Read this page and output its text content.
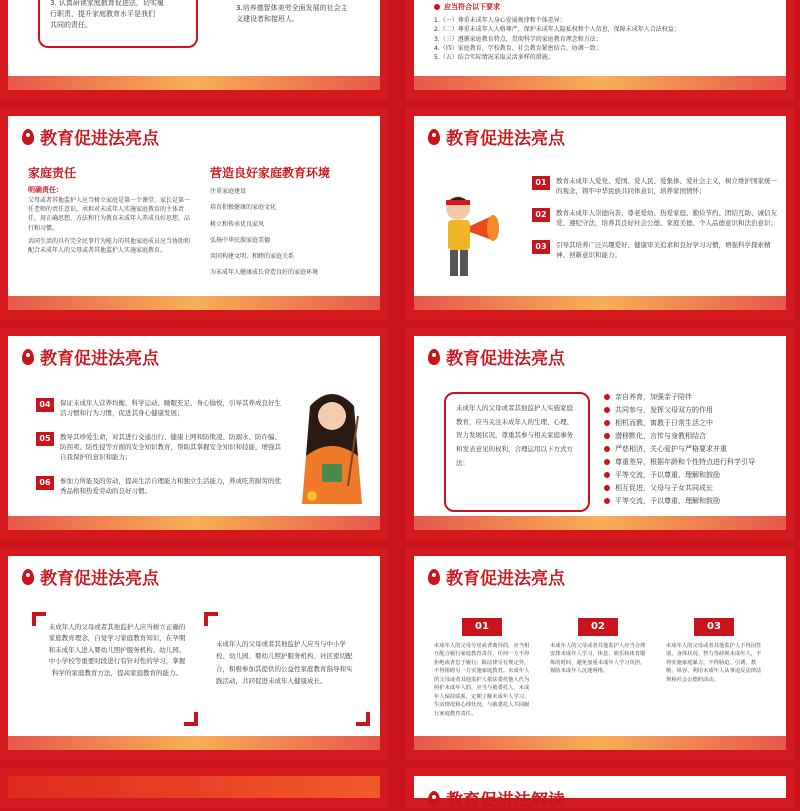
3. 认真研读家庭教育促进法，切实履
行职责，提升家庭教育水平是我们
共同的责任。
3.培养德智体美劳全面发展的社会主
义建设者和接班人。
应当符合以下要求
1.（一）尊重未成年人身心发展规律和个体差异；
2.（二）尊重未成年人人格尊严，保护未成年人隐私权和个人信息，保障未成年人合法权益；
3.（三）遵循家庭教育特点，贯彻科学的家庭教育理念和方法；
4.（四）家庭教育、学校教育、社会教育紧密结合、协调一致；
5.（五）结合实际情况采取灵活多样的措施。
教育促进法亮点
家庭责任
明确责任：
父母或者其他监护人应当树立家庭是第一个课堂、家长是第一任老师的责任意识，承担对未成年人实施家庭教育的主体责任，用正确思想、方法和行为教育未成年人养成良好思想、品行和习惯。
共同生活的具有完全民事行为能力的其他家庭成员应当协助和配合未成年人的父母或者其他监护人实施家庭教育。
营造良好家庭教育环境
注重家庭建设
培育积极健康的家庭文化
树立和传承优良家风
弘扬中华民族家庭美德
共同构建文明、和睦的家庭关系
为未成年人健康成长营造良好的家庭环境
教育促进法亮点
01	教育未成年人爱党、爱国、爱人民、爱集体、爱社会主义，树立维护国家统一的观念，铸牢中华民族共同体意识，培养家国情怀；
02	教育未成年人崇德向善、尊老爱幼、热爱家庭、勤俭节约、团结互助、诚信友爱、遵纪守法，培养其良好社会公德、家庭美德、个人品德意识和法治意识；
03	引导其培养广泛兴趣爱好、健康审美追求和良好学习习惯，增强科学探索精神、创新意识和能力；
教育促进法亮点
04	保证未成年人营养均衡、科学运动、睡眠充足、身心愉悦，引导其养成良好生活习惯和行为习惯，促进其身心健康发展；
05	教导其珍爱生命，对其进行交通出行、健康上网和防欺凌、防溺水、防诈骗、防拐卖、防性侵等方面的安全知识教育，帮助其掌握安全知识和技能，增强其自我保护的意识和能力；
06	参加力所能及的劳动，提高生活自理能力和独立生活能力，养成吃苦耐劳的优秀品格和热爱劳动的良好习惯。
教育促进法亮点
未成年人的父母或者其他监护人实施家庭教育，应当关注未成年人的生理、心理、智力发展状况，尊重其参与相关家庭事务和发表意见的权利，合理运用以下方式方法：
亲自养育，加强亲子陪伴
共同参与，发挥父母双方的作用
相机而教，寓教于日常生活之中
潜移默化，言传与身教相结合
严慈相济，关心爱护与严格要求并重
尊重差异，根据年龄和个性特点进行科学引导
平等交流，予以尊重、理解和鼓励
相互促进，父母与子女共同成长
平等交流，予以尊重、理解和鼓励
教育促进法亮点
未成年人的父母或者其他监护人应当树立正确的家庭教育理念，自觉学习家庭教育知识，在孕期和未成年人进入婴幼儿照护服务机构、幼儿园、中小学校等重要时段进行有针对性的学习，掌握科学的家庭教育方法，提高家庭教育的能力。
未成年人的父母或者其他监护人应当与中小学校、幼儿园、婴幼儿照护服务机构、社区密切配合，积极参加其提供的公益性家庭教育指导和实践活动，共同促进未成年人健康成长。
教育促进法亮点
01
未成年人的父母分居或者离异的，应当相互配合履行家庭教育责任，任何一方不得拒绝或者怠于履行；除法律另有规定外，不得阻碍另一方实施家庭教育。未成年人的父母或者其他监护人依法委托他人代为照护未成年人的，应当与被委托人、未成年人保持联系，定期了解未成年人学习、生活情况和心理状况，与被委托人共同履行家庭教育责任。
02
未成年人的父母或者其他监护人应当合理安排未成年人学习、休息、娱乐和体育锻炼的时间，避免加重未成年人学习负担，预防未成年人沉迷网络。
03
未成年人的父母或者其他监护人不得因性别、身体状况、智力等歧视未成年人，不得实施家庭暴力，不得胁迫、引诱、教唆、纵容、利用未成年人从事违反法律法规和社会公德的活动。
教育促进法解读
